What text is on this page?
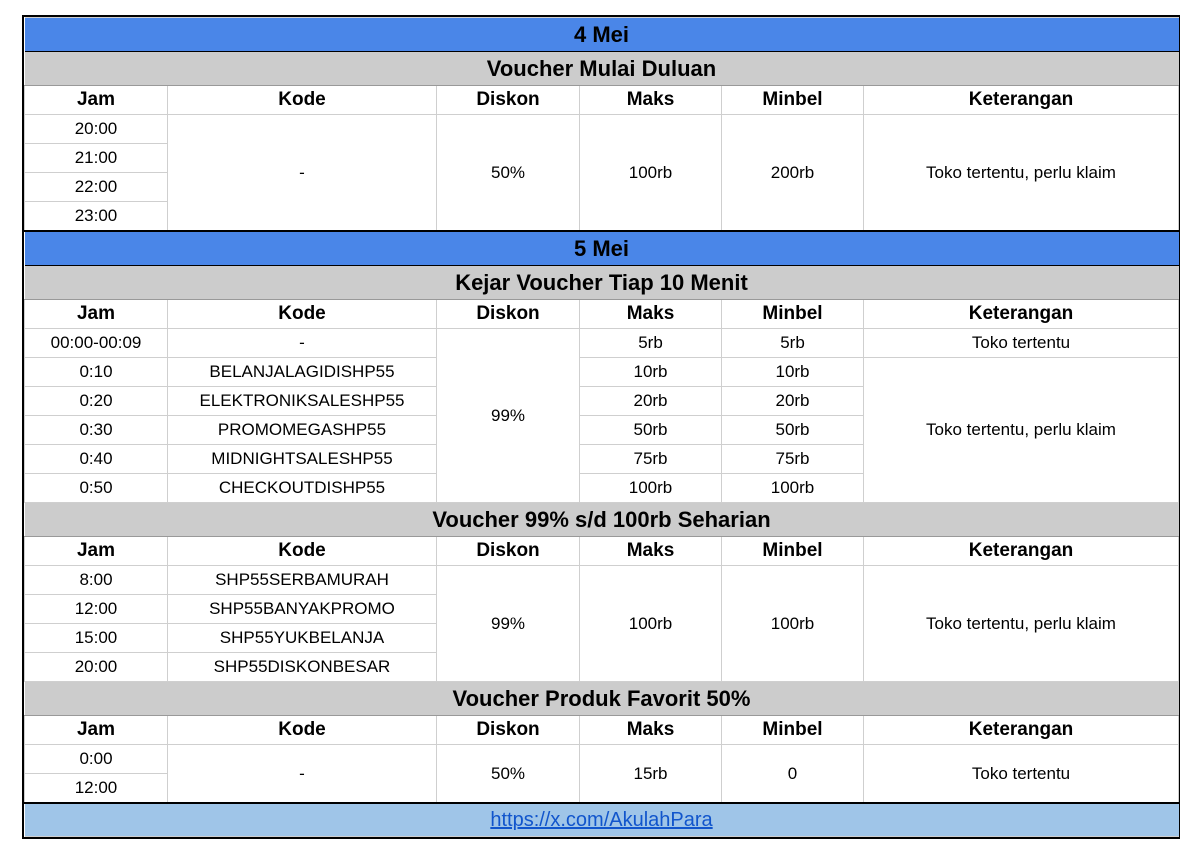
4 Mei					
Voucher Mulai Duluan					
Jam	Kode	Diskon	Maks	Minbel	Keterangan
20:00	-	50%	100rb	200rb	Toko tertentu, perlu klaim
21:00					
22:00					
23:00					
5 Mei					
Kejar Voucher Tiap 10 Menit					
Jam	Kode	Diskon	Maks	Minbel	Keterangan
00:00-00:09	-	99%	5rb	5rb	Toko tertentu
0:10	BELANJALAGIDISHP55		10rb	10rb	Toko tertentu, perlu klaim
0:20	ELEKTRONIKSALESHP55		20rb	20rb	
0:30	PROMOMEGASHP55		50rb	50rb	
0:40	MIDNIGHTSALESHP55		75rb	75rb	
0:50	CHECKOUTDISHP55		100rb	100rb	
Voucher 99% s/d 100rb Seharian					
Jam	Kode	Diskon	Maks	Minbel	Keterangan
8:00	SHP55SERBAMURAH	99%	100rb	100rb	Toko tertentu, perlu klaim
12:00	SHP55BANYAKPROMO				
15:00	SHP55YUKBELANJA				
20:00	SHP55DISKONBESAR				
Voucher Produk Favorit 50%					
Jam	Kode	Diskon	Maks	Minbel	Keterangan
0:00	-	50%	15rb	0	Toko tertentu
12:00					
https://x.com/AkulahPara					
